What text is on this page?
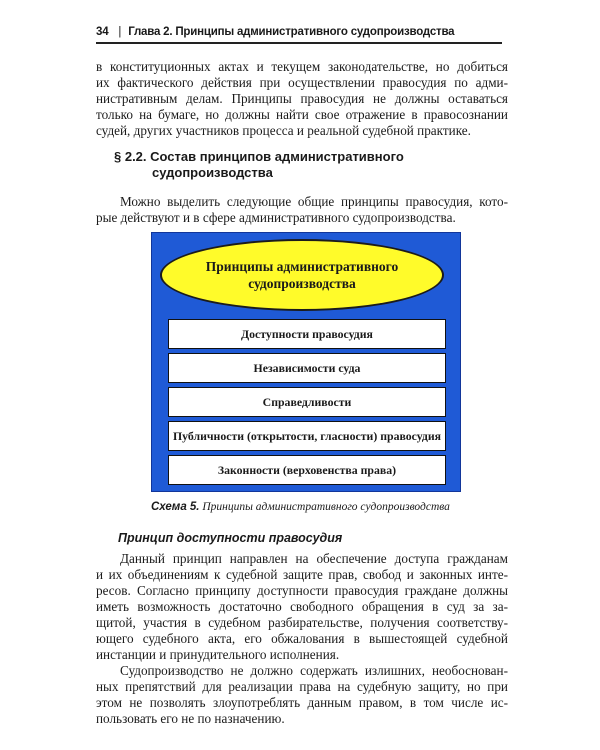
34 | Глава 2. Принципы административного судопроизводства
в конституционных актах и текущем законодательстве, но добиться
их фактического действия при осуществлении правосудия по адми-
нистративным делам. Принципы правосудия не должны оставаться
только на бумаге, но должны найти свое отражение в правосознании
судей, других участников процесса и реальной судебной практике.
§ 2.2. Состав принципов административного
судопроизводства
Можно выделить следующие общие принципы правосудия, кото-
рые действуют и в сфере административного судопроизводства.
Принципы административного судопроизводства
Доступности правосудия
Независимости суда
Справедливости
Публичности (открытости, гласности) правосудия
Законности (верховенства права)
Схема 5. Принципы административного судопроизводства
Принцип доступности правосудия
Данный принцип направлен на обеспечение доступа гражданам
и их объединениям к судебной защите прав, свобод и законных инте-
ресов. Согласно принципу доступности правосудия граждане должны
иметь возможность достаточно свободного обращения в суд за за-
щитой, участия в судебном разбирательстве, получения соответству-
ющего судебного акта, его обжалования в вышестоящей судебной
инстанции и принудительного исполнения.
Судопроизводство не должно содержать излишних, необоснован-
ных препятствий для реализации права на судебную защиту, но при
этом не позволять злоупотреблять данным правом, в том числе ис-
пользовать его не по назначению.
